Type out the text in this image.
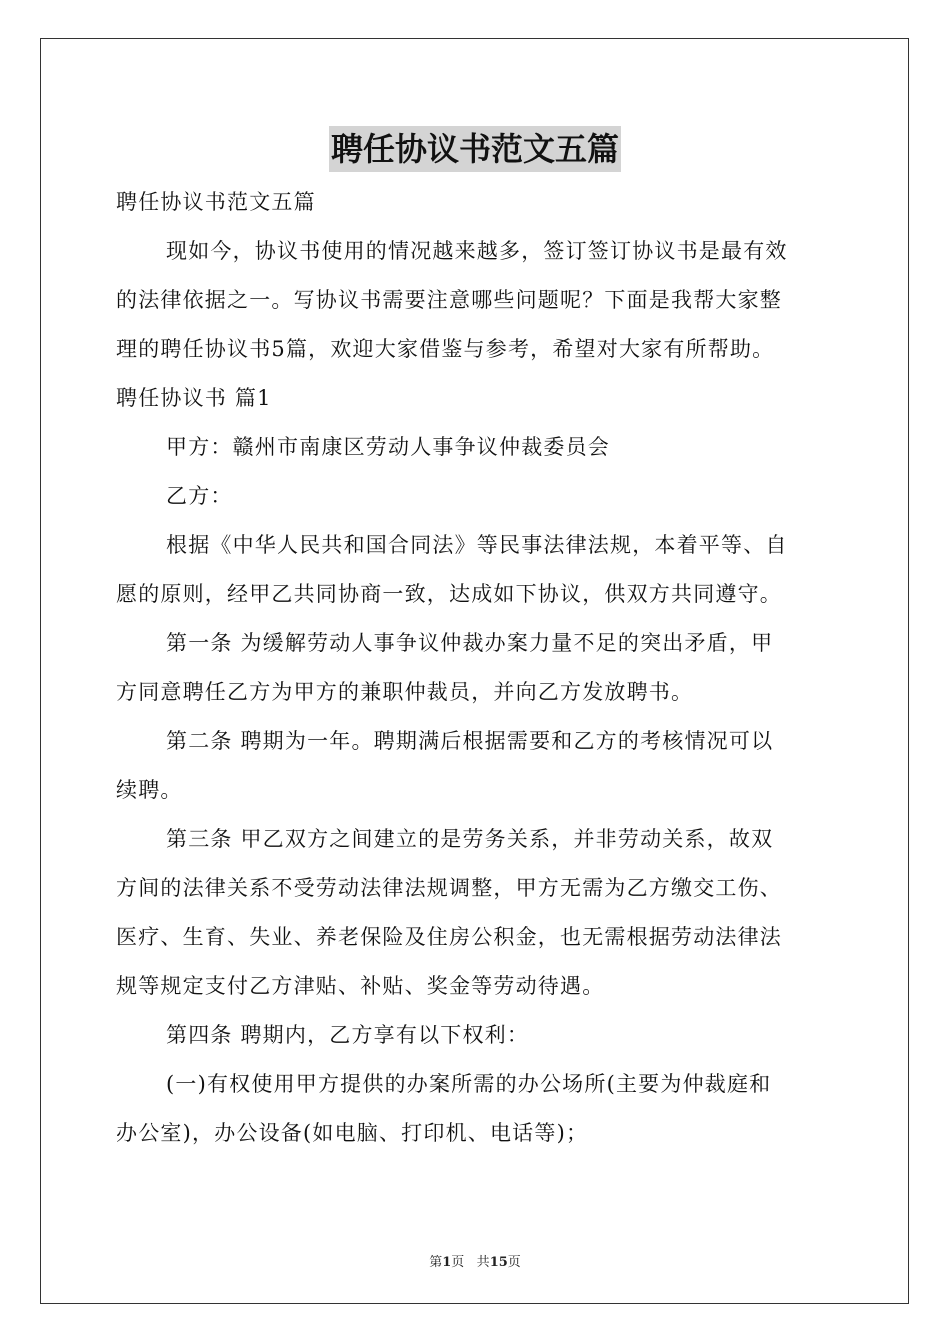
聘任协议书范文五篇
聘任协议书范文五篇
现如今，协议书使用的情况越来越多，签订签订协议书是最有效
的法律依据之一。写协议书需要注意哪些问题呢？下面是我帮大家整
理的聘任协议书5篇，欢迎大家借鉴与参考，希望对大家有所帮助。
聘任协议书 篇1
甲方：赣州市南康区劳动人事争议仲裁委员会
乙方：
根据《中华人民共和国合同法》等民事法律法规，本着平等、自
愿的原则，经甲乙共同协商一致，达成如下协议，供双方共同遵守。
第一条 为缓解劳动人事争议仲裁办案力量不足的突出矛盾，甲
方同意聘任乙方为甲方的兼职仲裁员，并向乙方发放聘书。
第二条 聘期为一年。聘期满后根据需要和乙方的考核情况可以
续聘。
第三条 甲乙双方之间建立的是劳务关系，并非劳动关系，故双
方间的法律关系不受劳动法律法规调整，甲方无需为乙方缴交工伤、
医疗、生育、失业、养老保险及住房公积金，也无需根据劳动法律法
规等规定支付乙方津贴、补贴、奖金等劳动待遇。
第四条 聘期内，乙方享有以下权利：
(一)有权使用甲方提供的办案所需的办公场所(主要为仲裁庭和
办公室)，办公设备(如电脑、打印机、电话等)；
第1页 共15页
